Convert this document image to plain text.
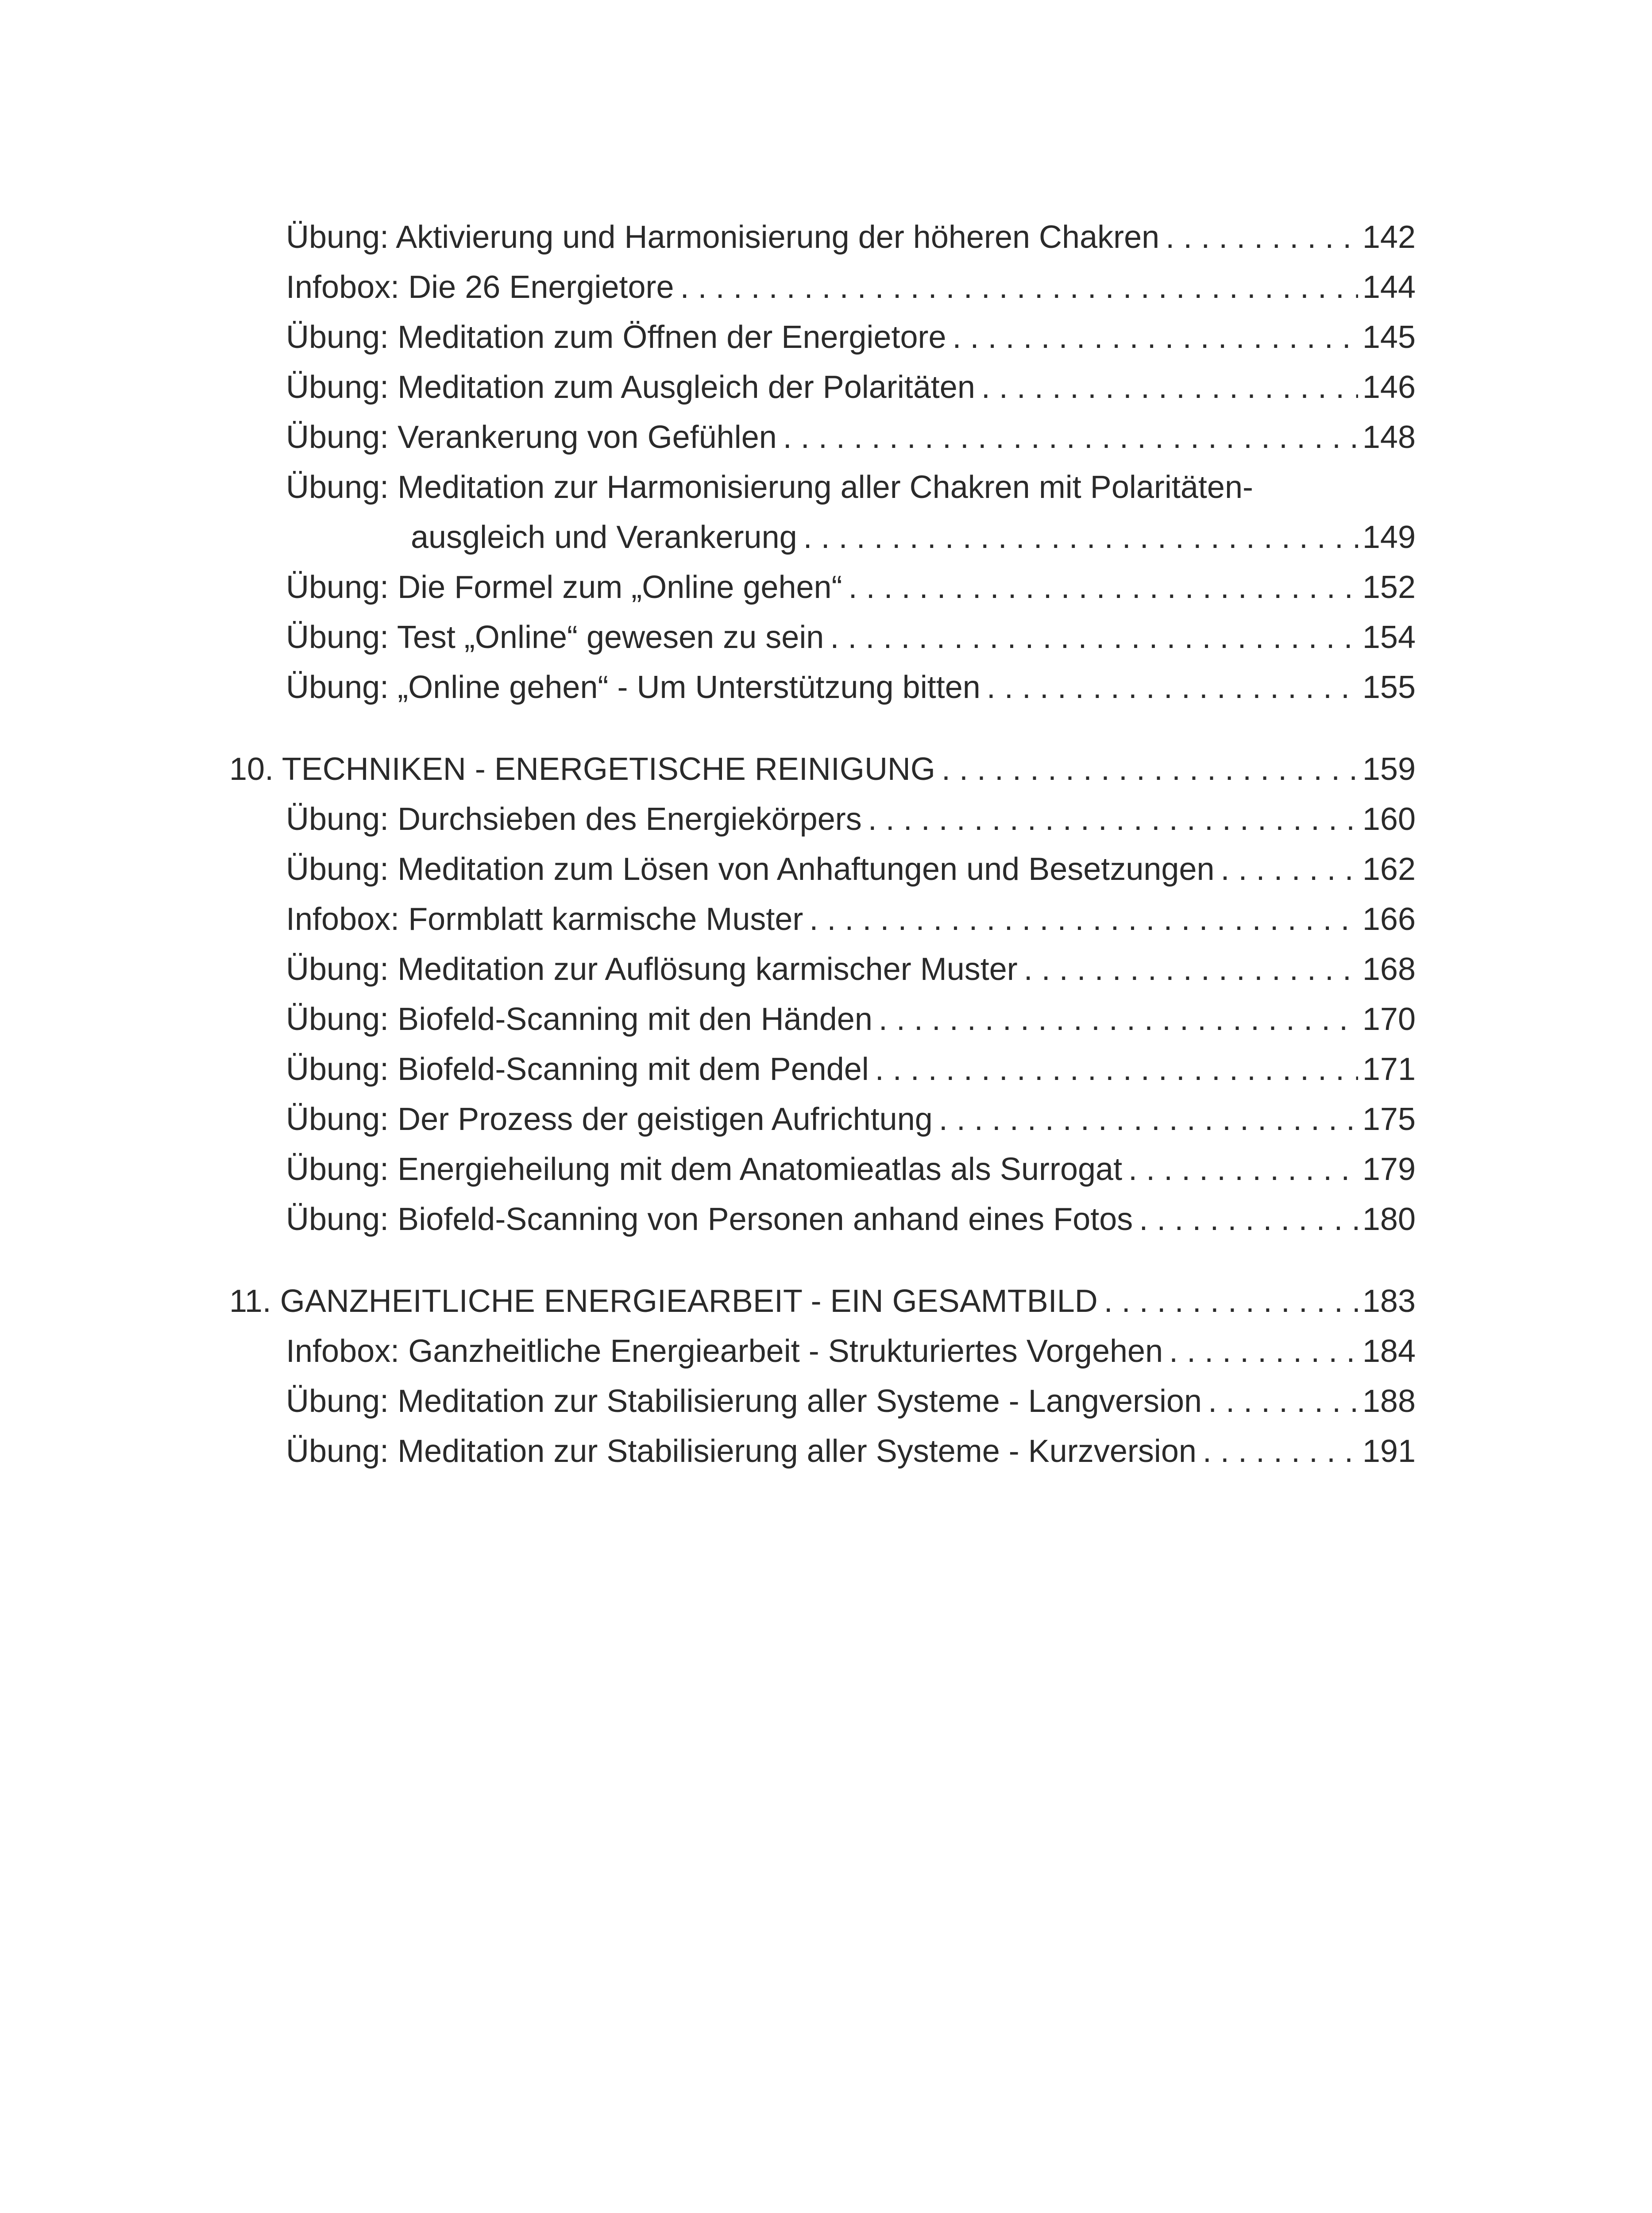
Übung: Aktivierung und Harmonisierung der höheren Chakren . . .	142
Infobox: Die 26 Energietore . . .	144
Übung: Meditation zum Öffnen der Energietore . . .	145
Übung: Meditation zum Ausgleich der Polaritäten . . .	146
Übung: Verankerung von Gefühlen . . .	148
Übung: Meditation zur Harmonisierung aller Chakren mit Polaritäten-
ausgleich und Verankerung . . .	149
Übung: Die Formel zum „Online gehen“ . . .	152
Übung: Test „Online“ gewesen zu sein . . .	154
Übung: „Online gehen“ - Um Unterstützung bitten . . .	155
10. TECHNIKEN - ENERGETISCHE REINIGUNG . . .	159
Übung: Durchsieben des Energiekörpers . . .	160
Übung: Meditation zum Lösen von Anhaftungen und Besetzungen . . .	162
Infobox: Formblatt karmische Muster . . .	166
Übung: Meditation zur Auflösung karmischer Muster . . .	168
Übung: Biofeld-Scanning mit den Händen . . .	170
Übung: Biofeld-Scanning mit dem Pendel . . .	171
Übung: Der Prozess der geistigen Aufrichtung . . .	175
Übung: Energieheilung mit dem Anatomieatlas als Surrogat . . .	179
Übung: Biofeld-Scanning von Personen anhand eines Fotos . . .	180
11. GANZHEITLICHE ENERGIEARBEIT - EIN GESAMTBILD . . .	183
Infobox: Ganzheitliche Energiearbeit - Strukturiertes Vorgehen . . .	184
Übung: Meditation zur Stabilisierung aller Systeme - Langversion . . .	188
Übung: Meditation zur Stabilisierung aller Systeme - Kurzversion . . .	191
